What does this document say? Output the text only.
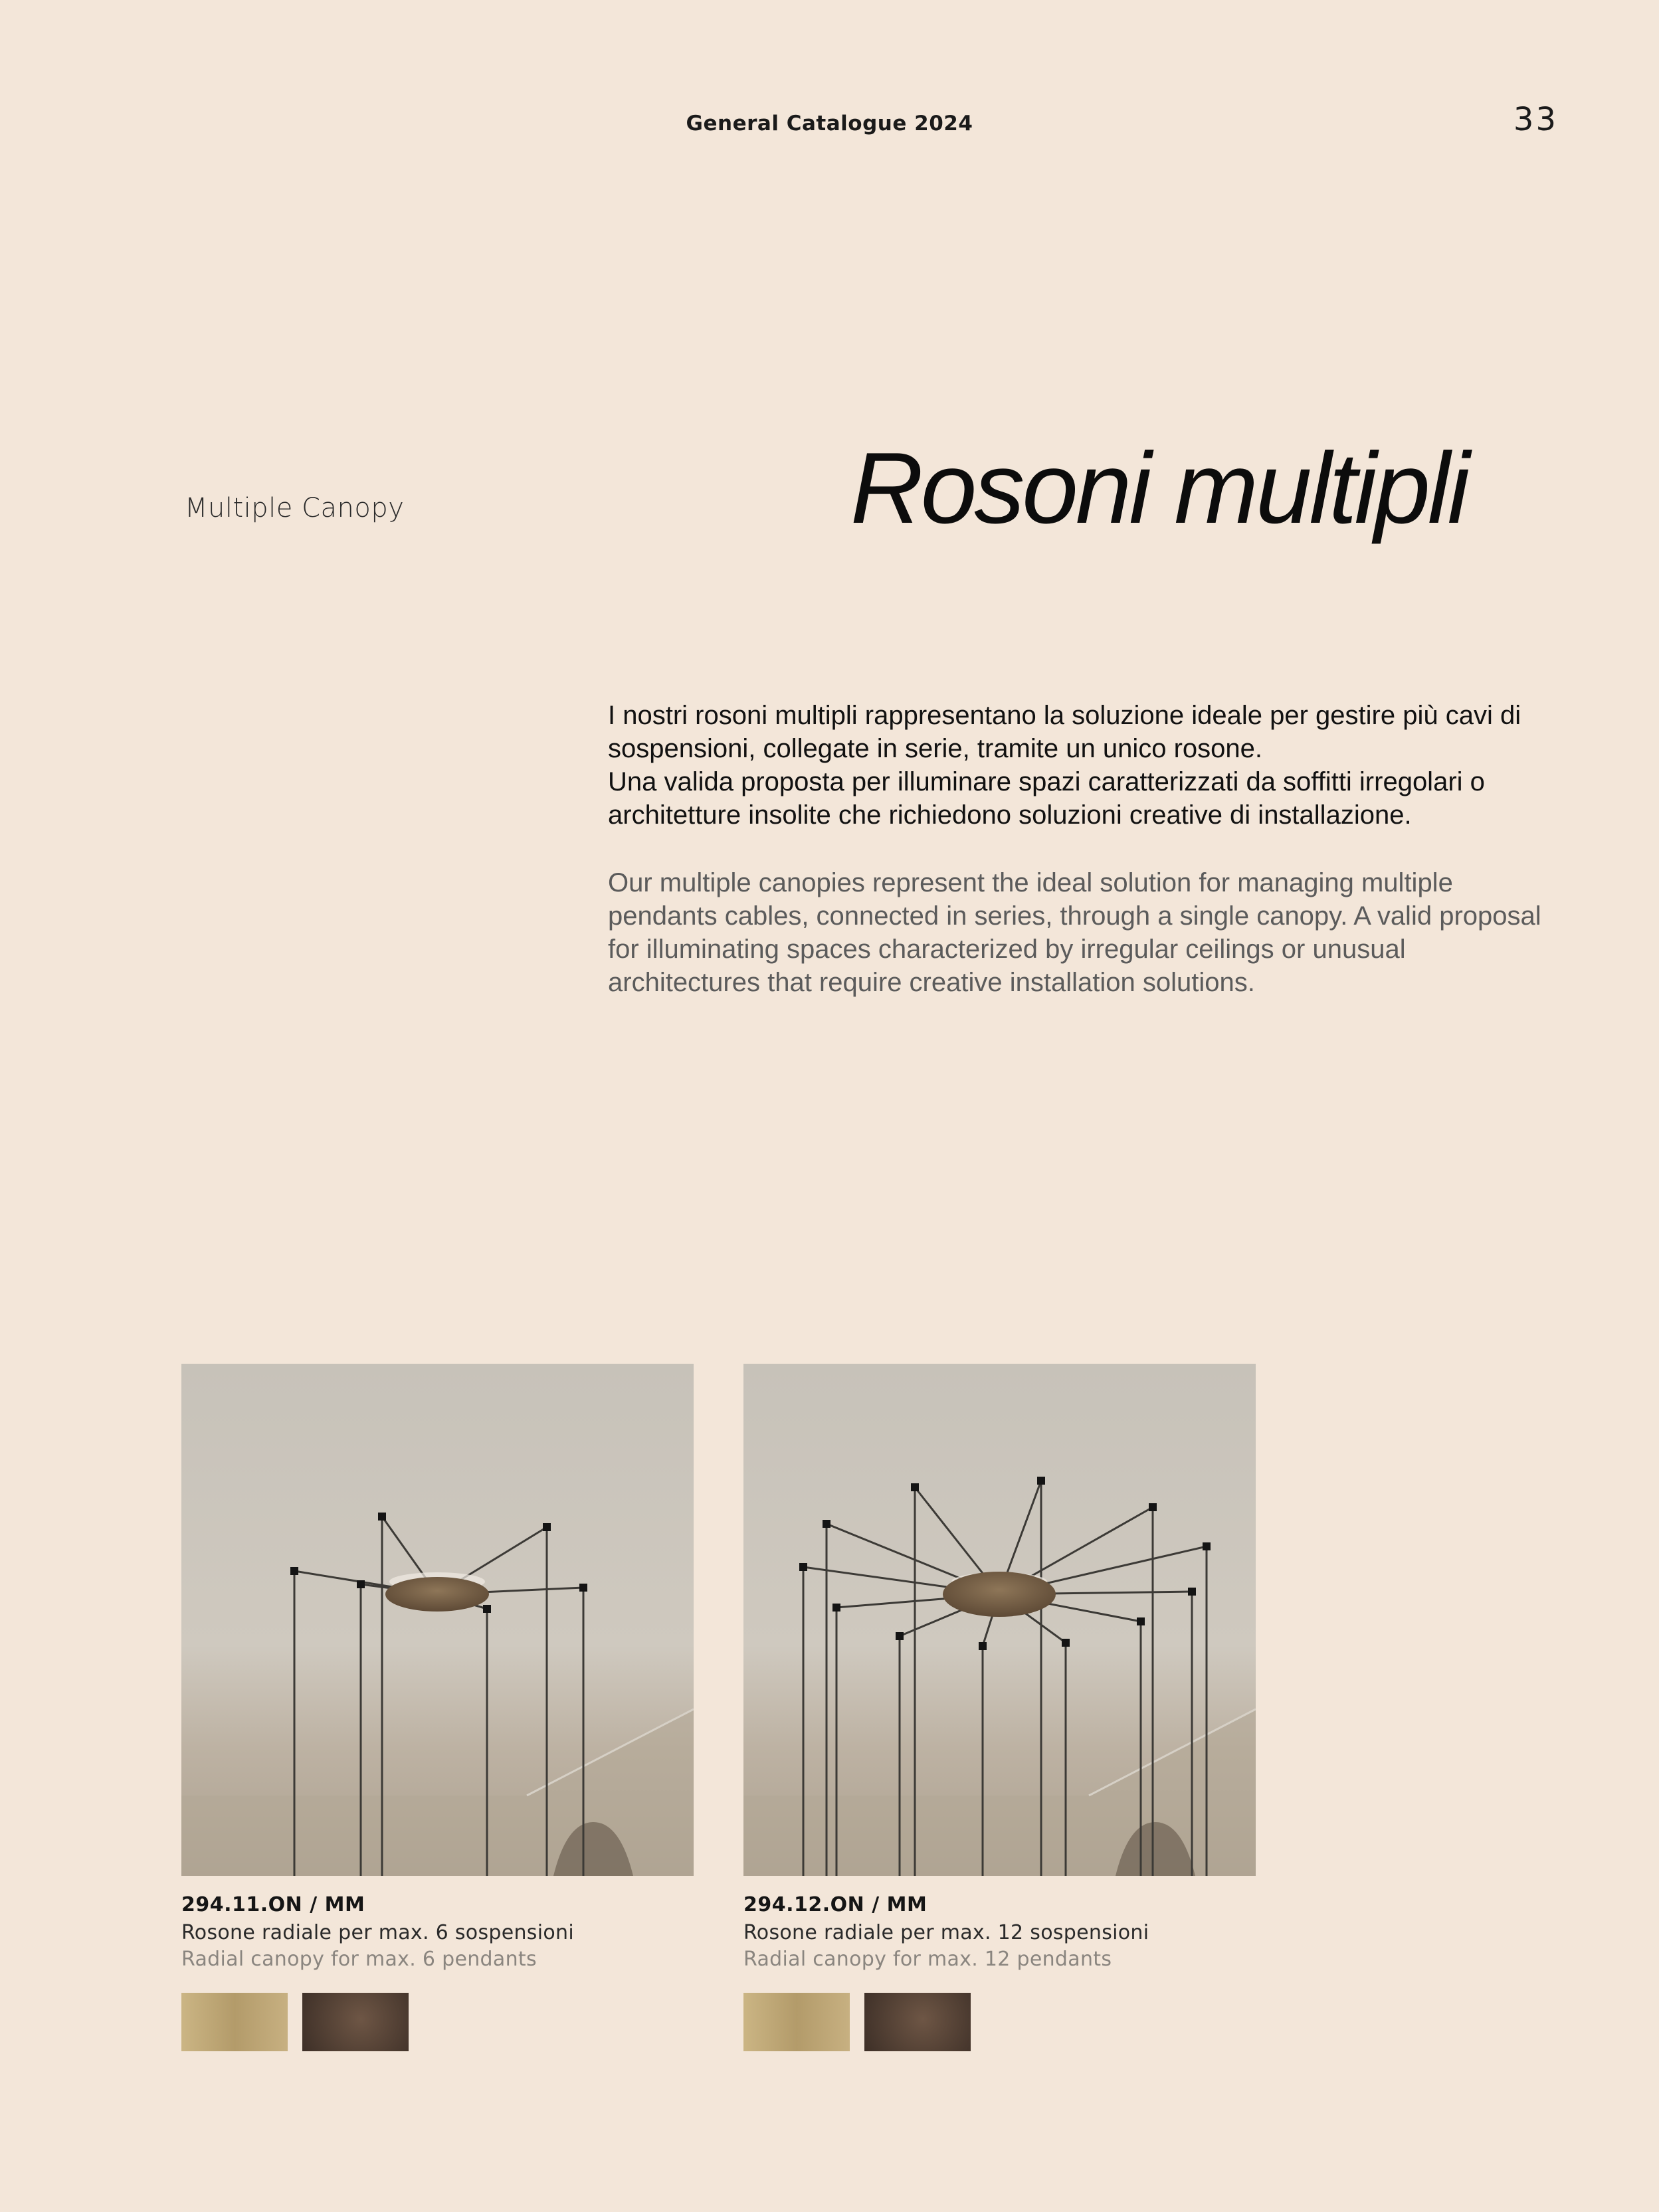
General Catalogue 2024	33
Multiple Canopy	Rosoni multipli

I nostri rosoni multipli rappresentano la soluzione ideale per gestire più cavi di sospensioni, collegate in serie, tramite un unico rosone.

Una valida proposta per illuminare spazi caratterizzati da soffitti irregolari o architetture insolite che richiedono soluzioni creative di installazione.

Our multiple canopies represent the ideal solution for managing multiple pendants cables, connected in series, through a single canopy. A valid proposal for illuminating spaces characterized by irregular ceilings or unusual architectures that require creative installation solutions.

294.11.ON / MM
Rosone radiale per max. 6 sospensioni
Radial canopy for max. 6 pendants
294.12.ON / MM
Rosone radiale per max. 12 sospensioni
Radial canopy for max. 12 pendants
